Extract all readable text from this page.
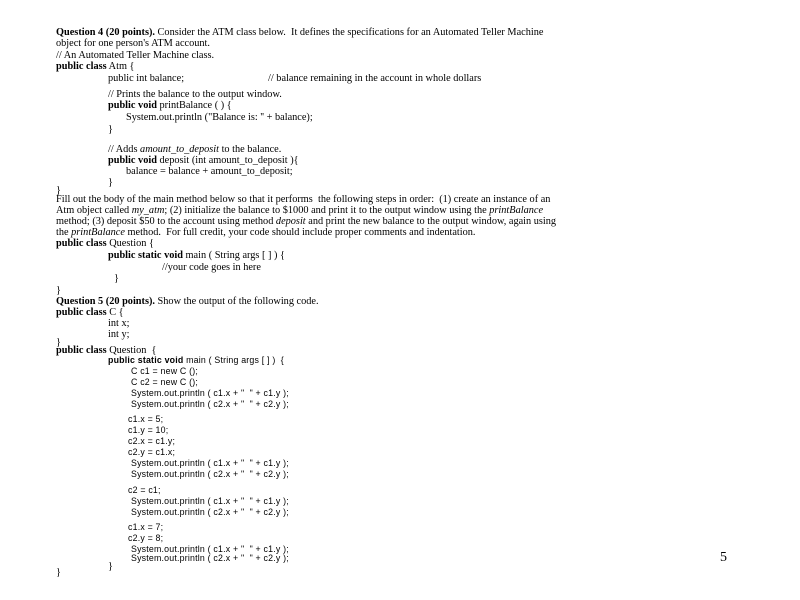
Question 4 (20 points). Consider the ATM class below.  It defines the specifications for an Automated Teller Machine
object for one person's ATM account.
// An Automated Teller Machine class.
public class Atm {
public int balance;	// balance remaining in the account in whole dollars
// Prints the balance to the output window.
public void printBalance ( ) {
System.out.println ("Balance is: '' + balance);
}
// Adds amount_to_deposit to the balance.
public void deposit (int amount_to_deposit ){
balance = balance + amount_to_deposit;
}
}
Fill out the body of the main method below so that it performs  the following steps in order:  (1) create an instance of an
Atm object called my_atm; (2) initialize the balance to $1000 and print it to the output window using the printBalance
method; (3) deposit $50 to the account using method deposit and print the new balance to the output window, again using
the printBalance method.  For full credit, your code should include proper comments and indentation.
public class Question {
public static void main ( String args [ ] ) {
//your code goes in here
}
}
Question 5 (20 points). Show the output of the following code.
public class C {
int x;
int y;
}
public class Question  {
public static void main ( String args [ ] )  {
C c1 = new C ();
C c2 = new C ();
System.out.println ( c1.x + "  " + c1.y );
System.out.println ( c2.x + "  " + c2.y );
c1.x = 5;
c1.y = 10;
c2.x = c1.y;
c2.y = c1.x;
System.out.println ( c1.x + "  " + c1.y );
System.out.println ( c2.x + "  " + c2.y );
c2 = c1;
System.out.println ( c1.x + "  " + c1.y );
System.out.println ( c2.x + "  " + c2.y );
c1.x = 7;
c2.y = 8;
System.out.println ( c1.x + "  " + c1.y );
System.out.println ( c2.x + "  " + c2.y );
}
}
5
